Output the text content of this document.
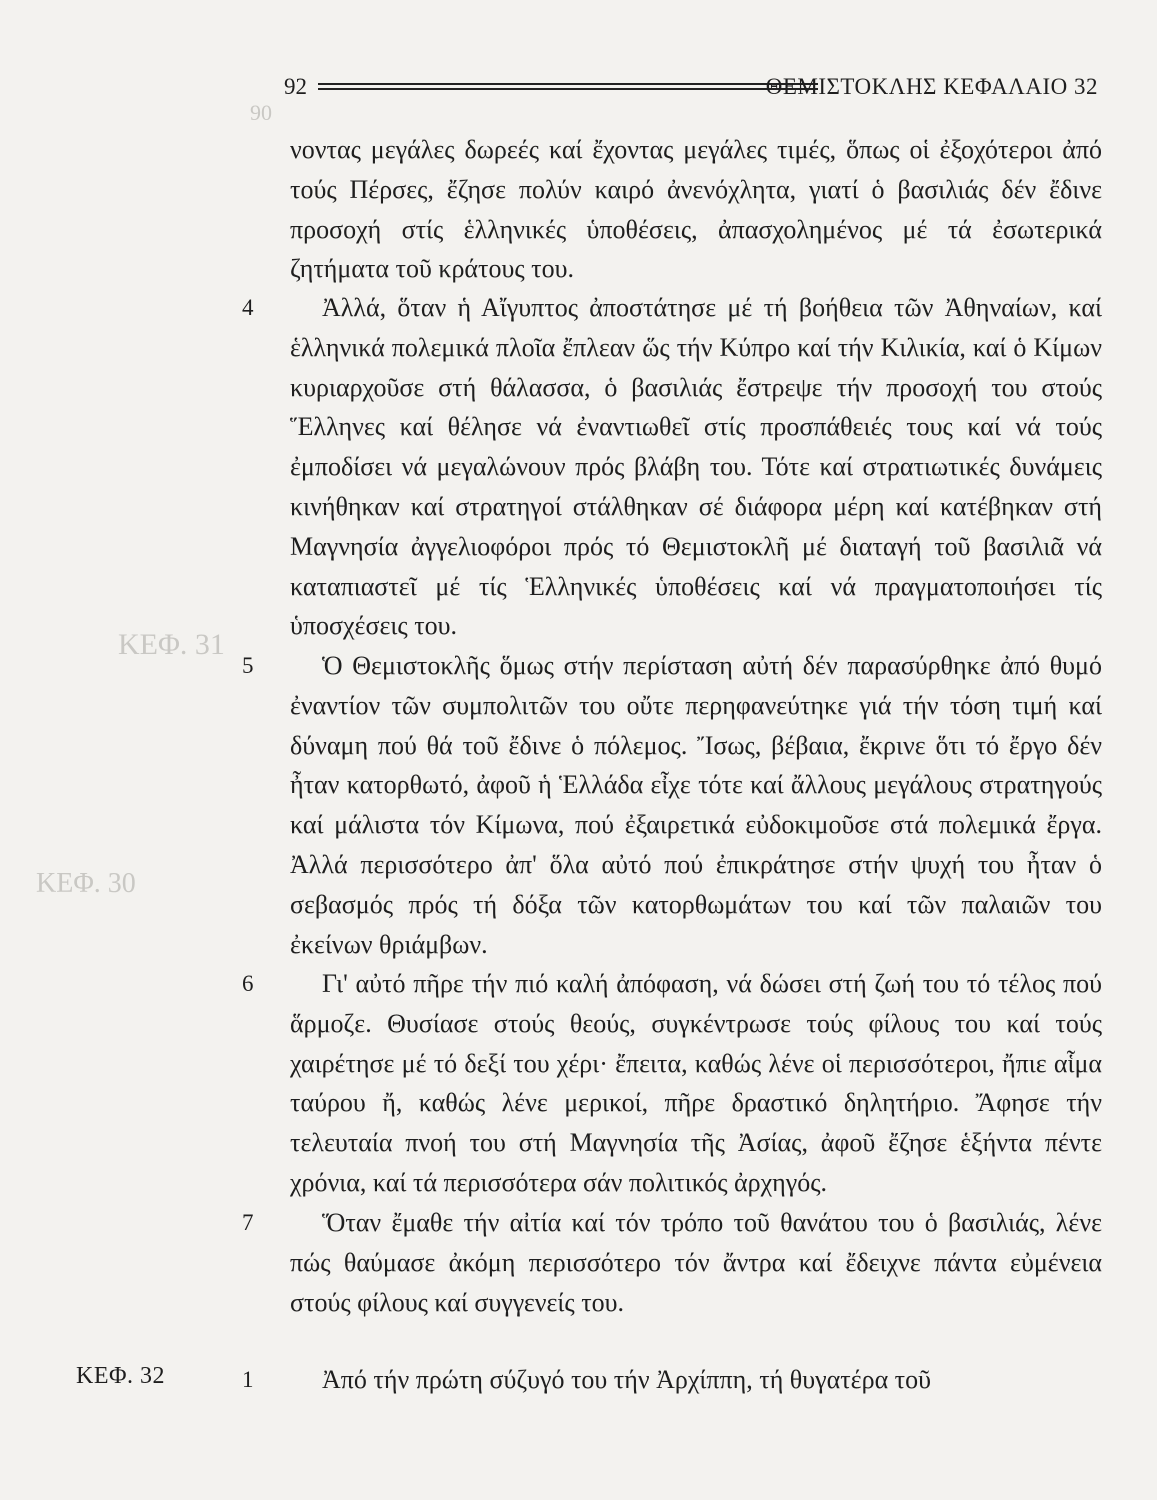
90
ΚΕΦ. 31
ΚΕΦ. 30
92	ΘΕΜΙΣΤΟΚΛΗΣ ΚΕΦΑΛΑΙΟ 32

νοντας μεγάλες δωρεές καί ἔχοντας μεγάλες τιμές, ὅπως οἱ ἐξοχότεροι ἀπό τούς Πέρσες, ἔζησε πολύν καιρό ἀνενόχλητα, γιατί ὁ βασιλιάς δέν ἔδινε προσοχή στίς ἑλληνικές ὑποθέσεις, ἀπασχολημένος μέ τά ἐσωτερικά ζητήματα τοῦ κράτους του.

4	Ἀλλά, ὅταν ἡ Αἴγυπτος ἀποστάτησε μέ τή βοήθεια τῶν Ἀθηναίων, καί ἑλληνικά πολεμικά πλοῖα ἔπλεαν ὥς τήν Κύπρο καί τήν Κιλικία, καί ὁ Κίμων κυριαρχοῦσε στή θάλασσα, ὁ βασιλιάς ἔστρεψε τήν προσοχή του στούς Ἕλληνες καί θέλησε νά ἐναντιωθεῖ στίς προσπάθειές τους καί νά τούς ἐμποδίσει νά μεγαλώνουν πρός βλάβη του. Τότε καί στρατιωτικές δυνάμεις κινήθηκαν καί στρατηγοί στάλθηκαν σέ διάφορα μέρη καί κατέβηκαν στή Μαγνησία ἀγγελιοφόροι πρός τό Θεμιστοκλῆ μέ διαταγή τοῦ βασιλιᾶ νά καταπιαστεῖ μέ τίς Ἑλληνικές ὑποθέσεις καί νά πραγματοποιήσει τίς ὑποσχέσεις του.

5	Ὁ Θεμιστοκλῆς ὅμως στήν περίσταση αὐτή δέν παρασύρθηκε ἀπό θυμό ἐναντίον τῶν συμπολιτῶν του οὔτε περηφανεύτηκε γιά τήν τόση τιμή καί δύναμη πού θά τοῦ ἔδινε ὁ πόλεμος. Ἴσως, βέβαια, ἔκρινε ὅτι τό ἔργο δέν ἦταν κατορθωτό, ἀφοῦ ἡ Ἑλλάδα εἶχε τότε καί ἄλλους μεγάλους στρατηγούς καί μάλιστα τόν Κίμωνα, πού ἐξαιρετικά εὐδοκιμοῦσε στά πολεμικά ἔργα. Ἀλλά περισσότερο ἀπ' ὅλα αὐτό πού ἐπικράτησε στήν ψυχή του ἦταν ὁ σεβασμός πρός τή δόξα τῶν κατορθωμάτων του καί τῶν παλαιῶν του ἐκείνων θριάμβων.

6	Γι' αὐτό πῆρε τήν πιό καλή ἀπόφαση, νά δώσει στή ζωή του τό τέλος πού ἅρμοζε. Θυσίασε στούς θεούς, συγκέντρωσε τούς φίλους του καί τούς χαιρέτησε μέ τό δεξί του χέρι· ἔπειτα, καθώς λένε οἱ περισσότεροι, ἤπιε αἷμα ταύρου ἤ, καθώς λένε μερικοί, πῆρε δραστικό δηλητήριο. Ἄφησε τήν τελευταία πνοή του στή Μαγνησία τῆς Ἀσίας, ἀφοῦ ἔζησε ἑξήντα πέντε χρόνια, καί τά περισσότερα σάν πολιτικός ἀρχηγός.

7	Ὅταν ἔμαθε τήν αἰτία καί τόν τρόπο τοῦ θανάτου του ὁ βασιλιάς, λένε πώς θαύμασε ἀκόμη περισσότερο τόν ἄντρα καί ἔδειχνε πάντα εὐμένεια στούς φίλους καί συγγενείς του.

1	Ἀπό τήν πρώτη σύζυγό του τήν Ἀρχίππη, τή θυγατέρα τοῦ

ΚΕΦ. 32
